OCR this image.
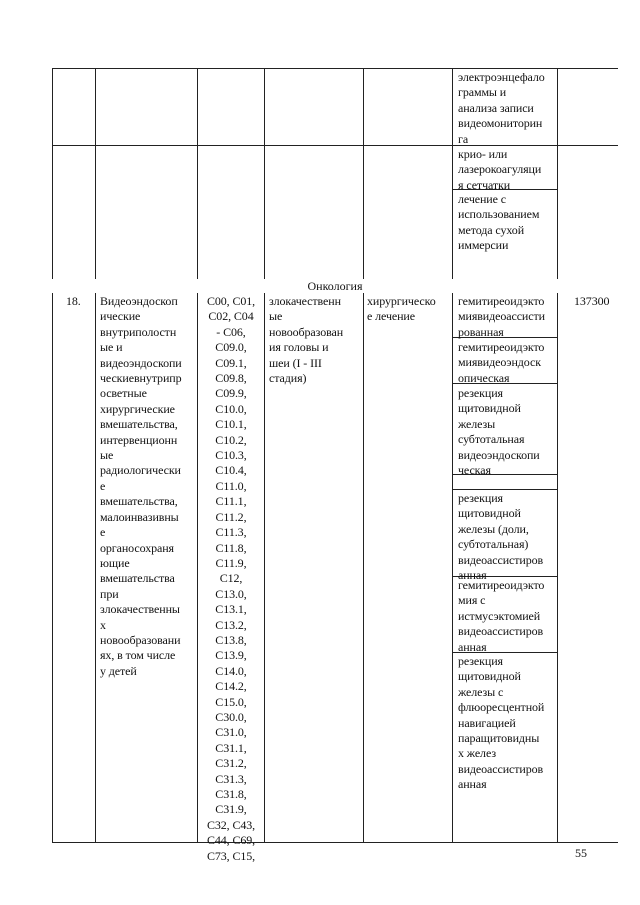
электроэнцефало
граммы и
анализа записи
видеомониторин
га
крио- или
лазерокоагуляци
я сетчатки
лечение с
использованием
метода сухой
иммерсии
Онкология
18. Видеоэндоскоп
ические
внутриполостн
ые и
видеоэндоскопи
ческиевнутрипр
осветные
хирургические
вмешательства,
интервенционн
ые
радиологически
е
вмешательства,
малоинвазивны
е
органосохраня
ющие
вмешательства
при
злокачественны
х
новообразовани
ях, в том числе
у детей
С00, С01,
С02, С04
- С06,
С09.0,
С09.1,
С09.8,
С09.9,
С10.0,
С10.1,
С10.2,
С10.3,
С10.4,
С11.0,
С11.1,
С11.2,
С11.3,
С11.8,
С11.9,
С12,
С13.0,
С13.1,
С13.2,
С13.8,
С13.9,
С14.0,
С14.2,
С15.0,
С30.0,
С31.0,
С31.1,
С31.2,
С31.3,
С31.8,
С31.9,
С32, С43,
С44, С69,
С73, С15,
злокачественн
ые
новообразован
ия головы и
шеи (I - III
стадия)
хирургическо
е лечение
гемитиреоидэкто
миявидеоассисти
рованная
гемитиреоидэкто
миявидеоэндоск
опическая
резекция
щитовидной
железы
субтотальная
видеоэндоскопи
ческая
резекция
щитовидной
железы (доли,
субтотальная)
видеоассистиров
анная
гемитиреоидэкто
мия с
истмусэктомией
видеоассистиров
анная
резекция
щитовидной
железы с
флюоресцентной
навигацией
паращитовидны
х желез
видеоассистиров
анная
137300
55
